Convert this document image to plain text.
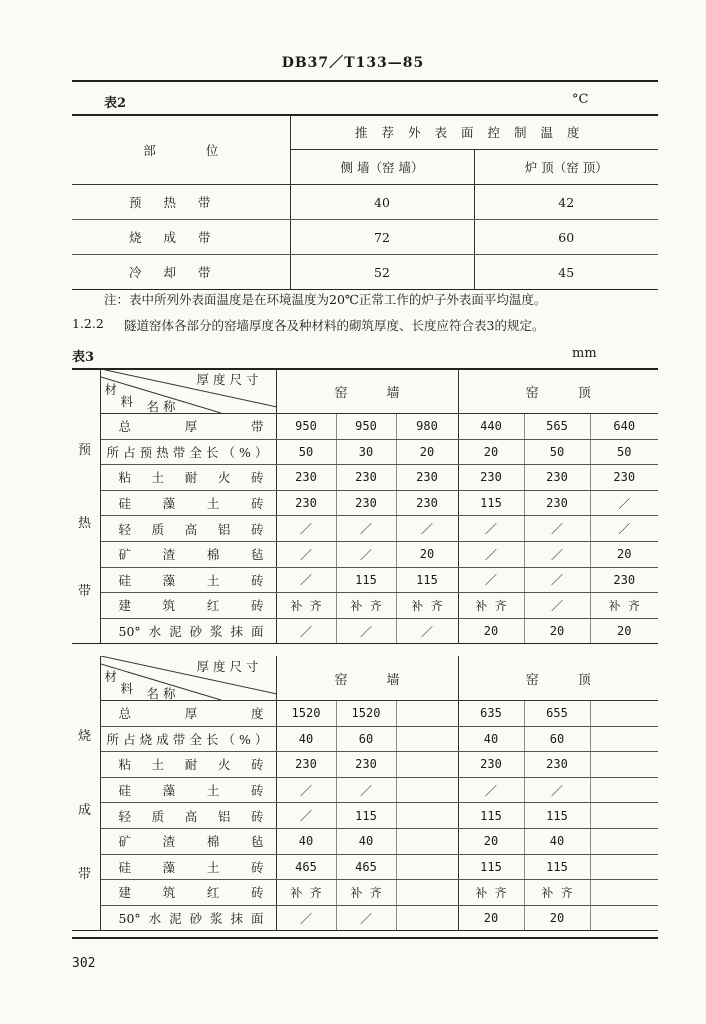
DB37／T133—85
表2	°C
部　　　　位	推荐外表面控制温度	
	侧 墙（窑 墙）	炉 顶（窑 顶）
预热带	40	42
烧成带	72	60
冷却带	52	45
注：表中所列外表面温度是在环境温度为20℃正常工作的炉子外表面平均温度。
1.2.2 隧道窑体各部分的窑墙厚度各及种材料的砌筑厚度、长度应符合表3的规定。
表3	mm

	厚 度 尺 寸
材
料 名 称	窑　　　墙			窑　　　顶		
	总 厚 带	950	950	980	440	565	640
	所占预热带全长（%）	50	30	20	20	50	50
	粘土耐火砖	230	230	230	230	230	230
	硅藻土砖	230	230	230	115	230	／
	轻质高铝砖	／	／	／	／	／	／
	矿渣棉毡	／	／	20	／	／	20
	硅藻土砖	／	115	115	／	／	230
	建筑红砖	补 齐	补 齐	补 齐	补 齐	／	补 齐
	50°水泥砂浆抹面	／	／	／	20	20	20

	厚 度 尺 寸
材
料 名 称	窑　　　墙			窑　　　顶		
	总 厚 度	1520	1520		635	655	
	所占烧成带全长（%）	40	60		40	60	
	粘土耐火砖	230	230		230	230	
	硅藻土砖	／	／		／	／	
	轻质高铝砖	／	115		115	115	
	矿渣棉毡	40	40		20	40	
	硅藻土砖	465	465		115	115	
	建筑红砖	补 齐	补 齐		补 齐	补 齐	
	50°水泥砂浆抹面	／	／		20	20	
预
热
带
烧
成
带
302
